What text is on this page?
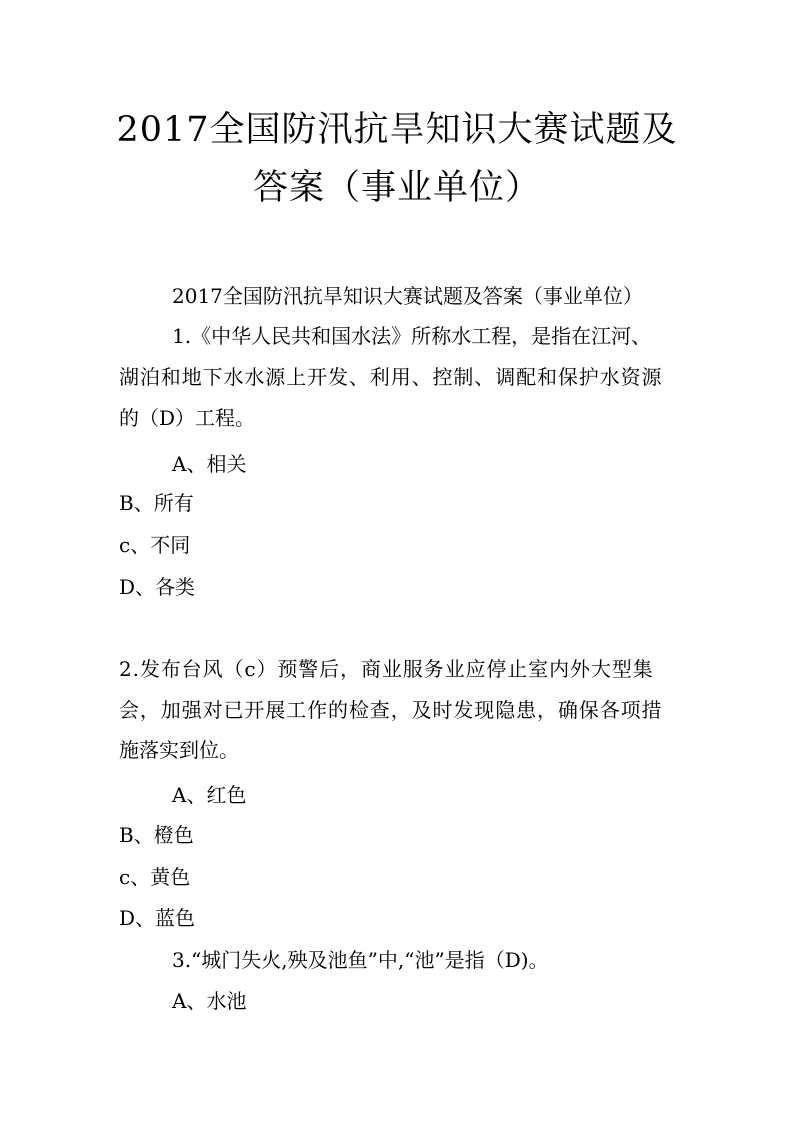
2017全国防汛抗旱知识大赛试题及
答案（事业单位）
2017全国防汛抗旱知识大赛试题及答案（事业单位）
1.《中华人民共和国水法》所称水工程，是指在江河、
湖泊和地下水水源上开发、利用、控制、调配和保护水资源
的（D）工程。
A、相关
B、所有
c、不同
D、各类
2.发布台风（c）预警后，商业服务业应停止室内外大型集
会，加强对已开展工作的检查，及时发现隐患，确保各项措
施落实到位。
A、红色
B、橙色
c、黄色
D、蓝色
3.“城门失火,殃及池鱼”中,“池”是指（D)。
A、水池
